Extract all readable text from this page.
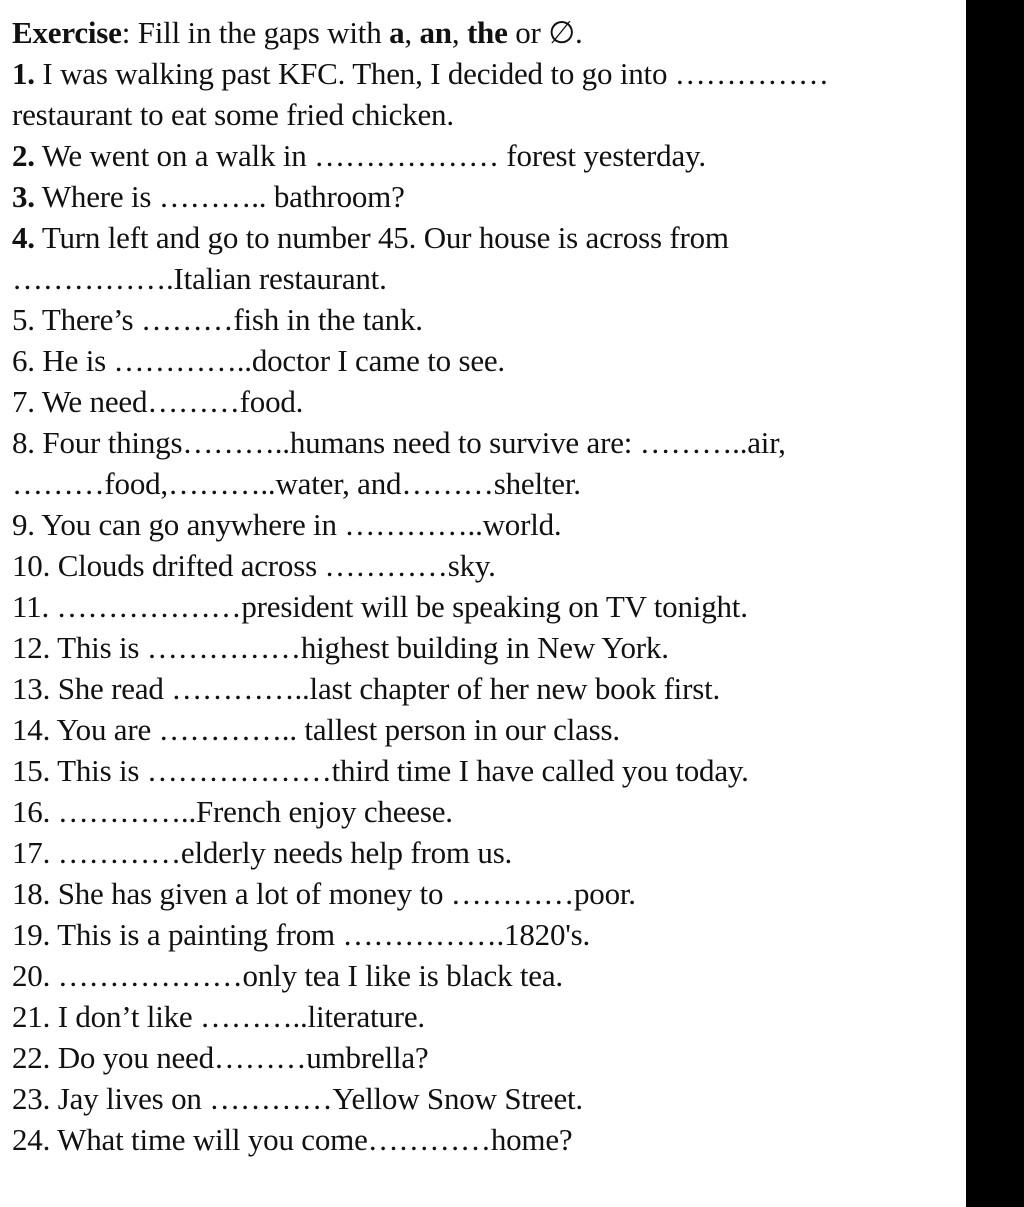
Exercise: Fill in the gaps with a, an, the or ∅.
1. I was walking past KFC. Then, I decided to go into ……………
restaurant to eat some fried chicken.
2. We went on a walk in ……………… forest yesterday.
3. Where is ……….. bathroom?
4. Turn left and go to number 45. Our house is across from
…………….Italian restaurant.
5. There’s ………fish in the tank.
6. He is …………..doctor I came to see.
7. We need………food.
8. Four things………..humans need to survive are: ………..air,
………food,………..water, and………shelter.
9. You can go anywhere in …………..world.
10. Clouds drifted across …………sky.
11. ………………president will be speaking on TV tonight.
12. This is ……………highest building in New York.
13. She read …………..last chapter of her new book first.
14. You are ………….. tallest person in our class.
15. This is ………………third time I have called you today.
16. …………..French enjoy cheese.
17. …………elderly needs help from us.
18. She has given a lot of money to …………poor.
19. This is a painting from …………….1820's.
20. ………………only tea I like is black tea.
21. I don’t like ………..literature.
22. Do you need………umbrella?
23. Jay lives on …………Yellow Snow Street.
24. What time will you come…………home?
